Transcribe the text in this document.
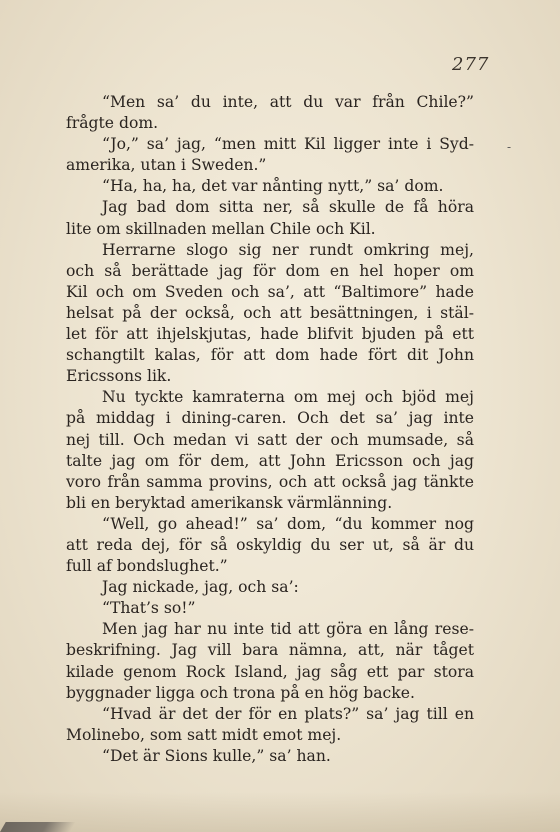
277
-
“Men sa’ du inte, att du var från Chile?”
frågte dom.
“Jo,” sa’ jag, “men mitt Kil ligger inte i Syd-
amerika, utan i Sweden.”
“Ha, ha, ha, det var nånting nytt,” sa’ dom.
Jag bad dom sitta ner, så skulle de få höra
lite om skillnaden mellan Chile och Kil.
Herrarne slogo sig ner rundt omkring mej,
och så berättade jag för dom en hel hoper om
Kil och om Sveden och sa’, att “Baltimore” hade
helsat på der också, och att besättningen, i stäl-
let för att ihjelskjutas, hade blifvit bjuden på ett
schangtilt kalas, för att dom hade fört dit John
Ericssons lik.
Nu tyckte kamraterna om mej och bjöd mej
på middag i dining-caren. Och det sa’ jag inte
nej till. Och medan vi satt der och mumsade, så
talte jag om för dem, att John Ericsson och jag
voro från samma provins, och att också jag tänkte
bli en beryktad amerikansk värmlänning.
“Well, go ahead!” sa’ dom, “du kommer nog
att reda dej, för så oskyldig du ser ut, så är du
full af bondslughet.”
Jag nickade, jag, och sa’:
“That’s so!”
Men jag har nu inte tid att göra en lång rese-
beskrifning. Jag vill bara nämna, att, när tåget
kilade genom Rock Island, jag såg ett par stora
byggnader ligga och trona på en hög backe.
“Hvad är det der för en plats?” sa’ jag till en
Molinebo, som satt midt emot mej.
“Det är Sions kulle,” sa’ han.
